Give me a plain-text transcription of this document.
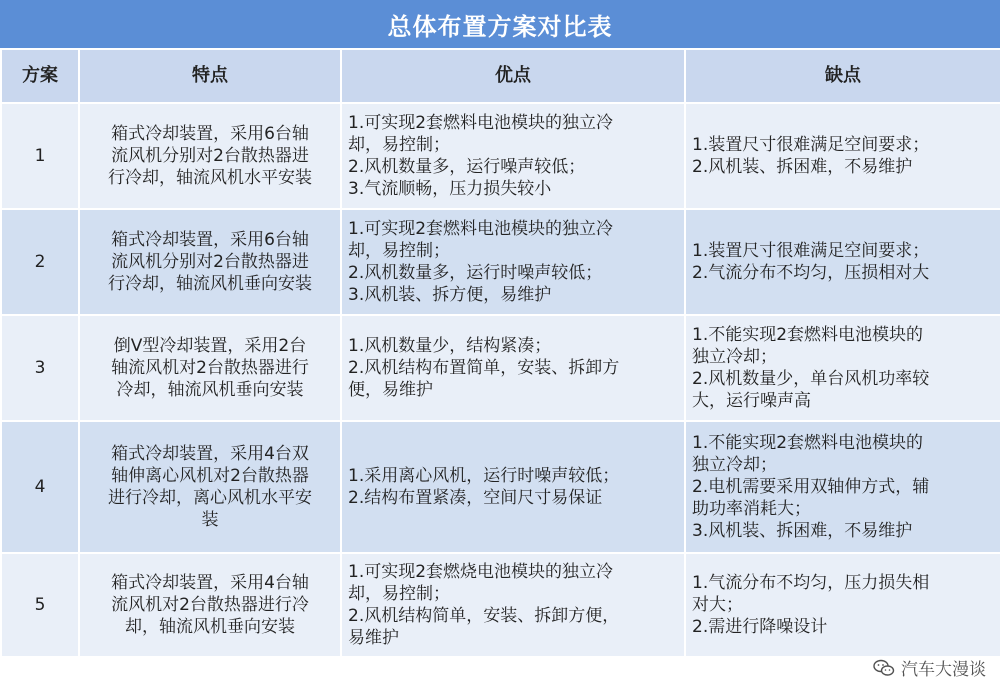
总体布置方案对比表
方案	特点	优点	缺点
1	箱式冷却装置，采用6台轴
流风机分别对2台散热器进
行冷却，轴流风机水平安装	1.可实现2套燃料电池模块的独立冷
却，易控制；
2.风机数量多，运行噪声较低；
3.气流顺畅，压力损失较小	1.装置尺寸很难满足空间要求；
2.风机装、拆困难，不易维护

2	箱式冷却装置，采用6台轴
流风机分别对2台散热器进
行冷却，轴流风机垂向安装	1.可实现2套燃料电池模块的独立冷
却，易控制；
2.风机数量多，运行时噪声较低；
3.风机装、拆方便，易维护	1.装置尺寸很难满足空间要求；
2.气流分布不均匀，压损相对大

3	倒V型冷却装置，采用2台
轴流风机对2台散热器进行
冷却，轴流风机垂向安装	1.风机数量少，结构紧凑；
2.风机结构布置简单，安装、拆卸方
便，易维护	1.不能实现2套燃料电池模块的
独立冷却；
2.风机数量少，单台风机功率较
大，运行噪声高

4	箱式冷却装置，采用4台双
轴伸离心风机对2台散热器
进行冷却，离心风机水平安
装	1.采用离心风机，运行时噪声较低；
2.结构布置紧凑，空间尺寸易保证	1.不能实现2套燃料电池模块的
独立冷却；
2.电机需要采用双轴伸方式，辅
助功率消耗大；
3.风机装、拆困难，不易维护

5	箱式冷却装置，采用4台轴
流风机对2台散热器进行冷
却，轴流风机垂向安装	1.可实现2套燃烧电池模块的独立冷
却，易控制；
2.风机结构简单，安装、拆卸方便，
易维护	1.气流分布不均匀，压力损失相
对大；
2.需进行降噪设计
汽车大漫谈
